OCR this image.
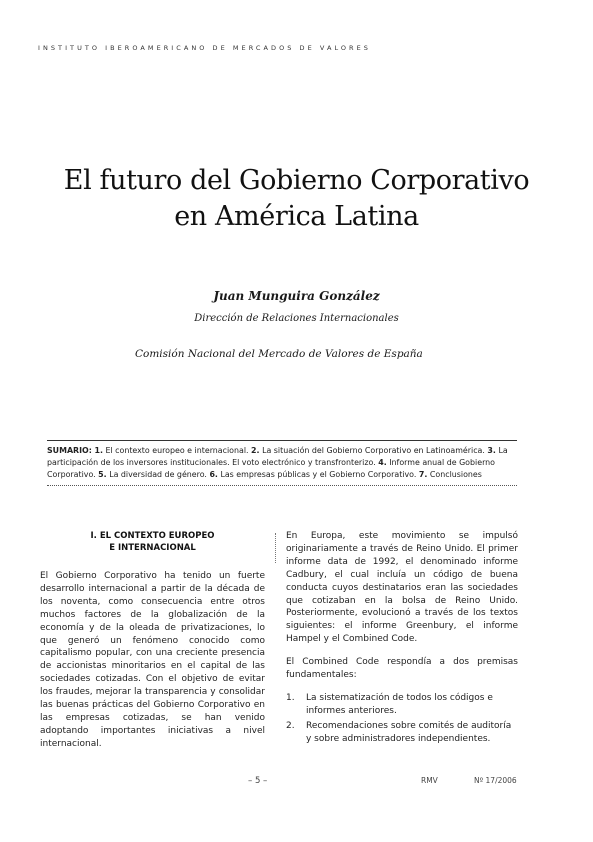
INSTITUTO IBEROAMERICANO DE MERCADOS DE VALORES
El futuro del Gobierno Corporativo
en América Latina
Juan Munguira González
Dirección de Relaciones Internacionales
Comisión Nacional del Mercado de Valores de España
SUMARIO: 1. El contexto europeo e internacional. 2. La situación del Gobierno Corporativo en Latinoamérica. 3. La participación de los inversores institucionales. El voto electrónico y transfronterizo. 4. Informe anual de Gobierno Corporativo. 5. La diversidad de género. 6. Las empresas públicas y el Gobierno Corporativo. 7. Conclusiones
I. EL CONTEXTO EUROPEO
E INTERNACIONAL
El Gobierno Corporativo ha tenido un fuerte desarrollo internacional a partir de la década de los noventa, como consecuencia entre otros muchos factores de la globalización de la economía y de la oleada de privatizaciones, lo que generó un fenómeno conocido como capitalismo popular, con una creciente presencia de accionistas minoritarios en el capital de las sociedades cotizadas. Con el objetivo de evitar los fraudes, mejorar la transparencia y consolidar las buenas prácticas del Gobierno Corporativo en las empresas cotizadas, se han venido adoptando importantes iniciativas a nivel internacional.
En Europa, este movimiento se impulsó originariamente a través de Reino Unido. El primer informe data de 1992, el denominado informe Cadbury, el cual incluía un código de buena conducta cuyos destinatarios eran las sociedades que cotizaban en la bolsa de Reino Unido. Posteriormente, evolucionó a través de los textos siguientes: el informe Greenbury, el informe Hampel y el Combined Code.
El Combined Code respondía a dos premisas fundamentales:
1.	La sistematización de todos los códigos e informes anteriores.
2.	Recomendaciones sobre comités de auditoría y sobre administradores independientes.
– 5 –	RMV	Nº 17/2006
